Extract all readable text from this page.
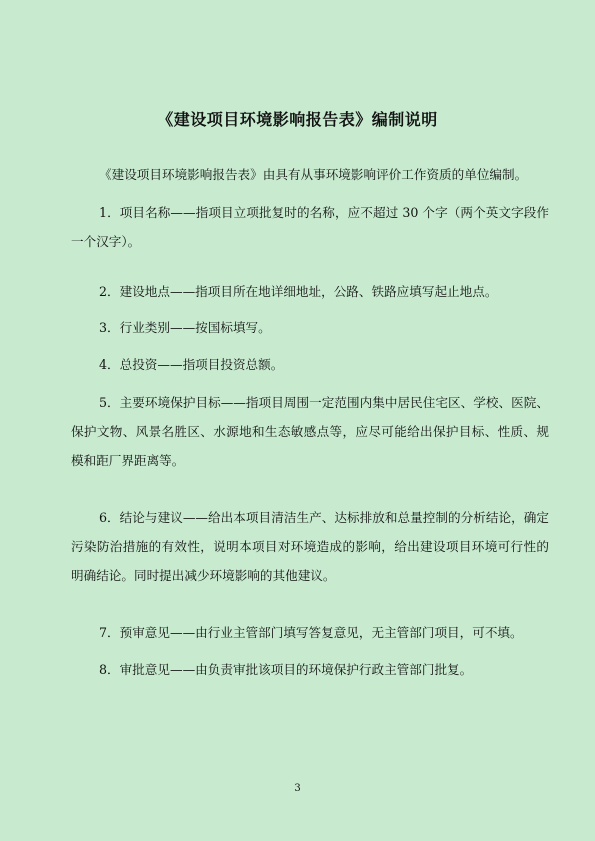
《建设项目环境影响报告表》编制说明
《建设项目环境影响报告表》由具有从事环境影响评价工作资质的单位编制。
1．项目名称——指项目立项批复时的名称，应不超过 30 个字（两个英文字段作一个汉字）。
2．建设地点——指项目所在地详细地址，公路、铁路应填写起止地点。
3．行业类别——按国标填写。
4．总投资——指项目投资总额。
5．主要环境保护目标——指项目周围一定范围内集中居民住宅区、学校、医院、保护文物、风景名胜区、水源地和生态敏感点等，应尽可能给出保护目标、性质、规模和距厂界距离等。
6．结论与建议——给出本项目清洁生产、达标排放和总量控制的分析结论，确定污染防治措施的有效性，说明本项目对环境造成的影响，给出建设项目环境可行性的明确结论。同时提出减少环境影响的其他建议。
7．预审意见——由行业主管部门填写答复意见，无主管部门项目，可不填。
8．审批意见——由负责审批该项目的环境保护行政主管部门批复。
3
